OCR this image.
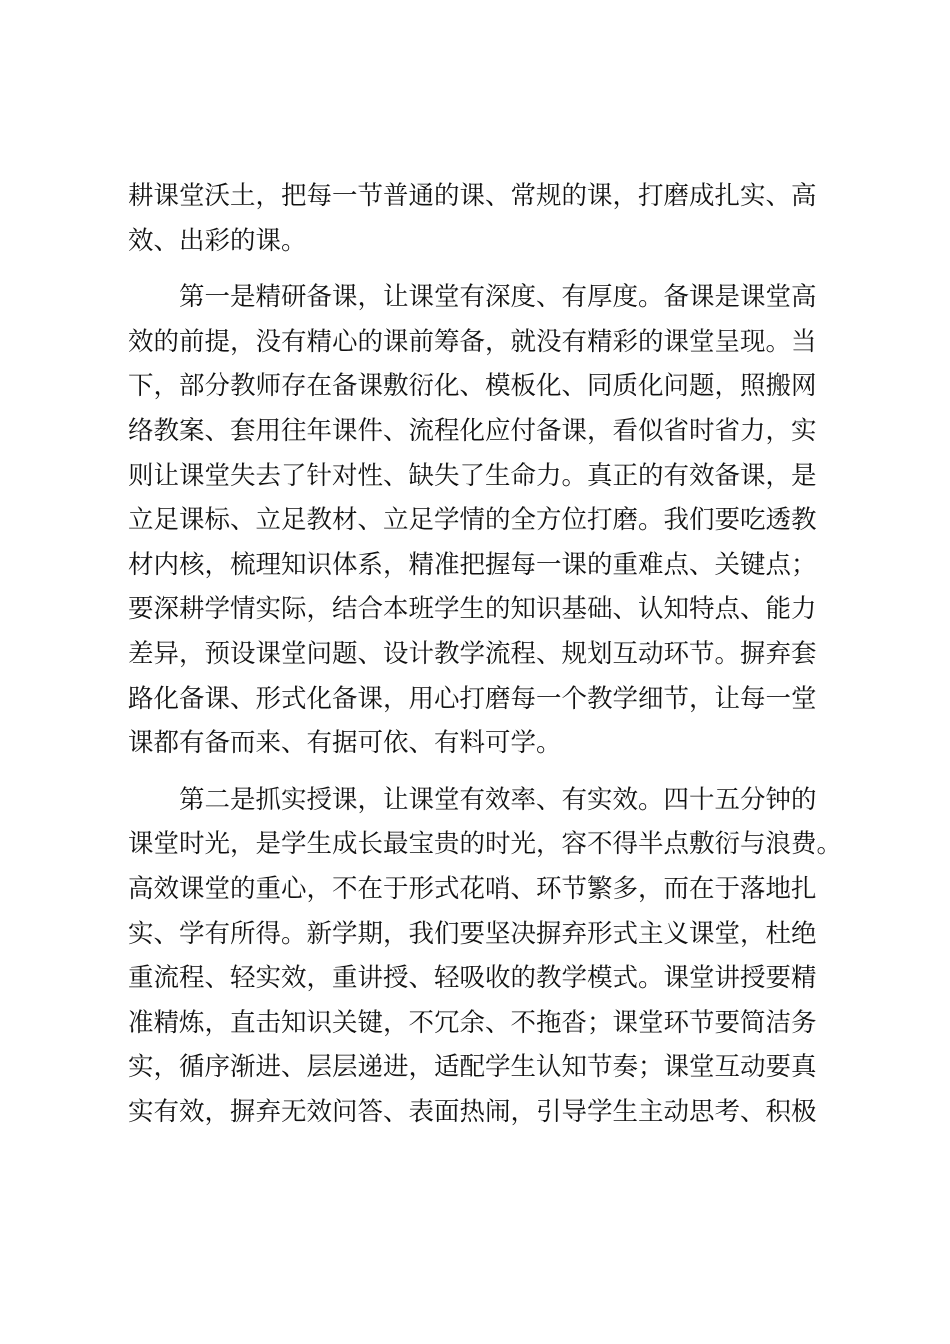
耕课堂沃土，把每一节普通的课、常规的课，打磨成扎实、高
效、出彩的课。
第一是精研备课，让课堂有深度、有厚度。备课是课堂高
效的前提，没有精心的课前筹备，就没有精彩的课堂呈现。当
下，部分教师存在备课敷衍化、模板化、同质化问题，照搬网
络教案、套用往年课件、流程化应付备课，看似省时省力，实
则让课堂失去了针对性、缺失了生命力。真正的有效备课，是
立足课标、立足教材、立足学情的全方位打磨。我们要吃透教
材内核，梳理知识体系，精准把握每一课的重难点、关键点；
要深耕学情实际，结合本班学生的知识基础、认知特点、能力
差异，预设课堂问题、设计教学流程、规划互动环节。摒弃套
路化备课、形式化备课，用心打磨每一个教学细节，让每一堂
课都有备而来、有据可依、有料可学。
第二是抓实授课，让课堂有效率、有实效。四十五分钟的
课堂时光，是学生成长最宝贵的时光，容不得半点敷衍与浪费。
高效课堂的重心，不在于形式花哨、环节繁多，而在于落地扎
实、学有所得。新学期，我们要坚决摒弃形式主义课堂，杜绝
重流程、轻实效，重讲授、轻吸收的教学模式。课堂讲授要精
准精炼，直击知识关键，不冗余、不拖沓；课堂环节要简洁务
实，循序渐进、层层递进，适配学生认知节奏；课堂互动要真
实有效，摒弃无效问答、表面热闹，引导学生主动思考、积极
